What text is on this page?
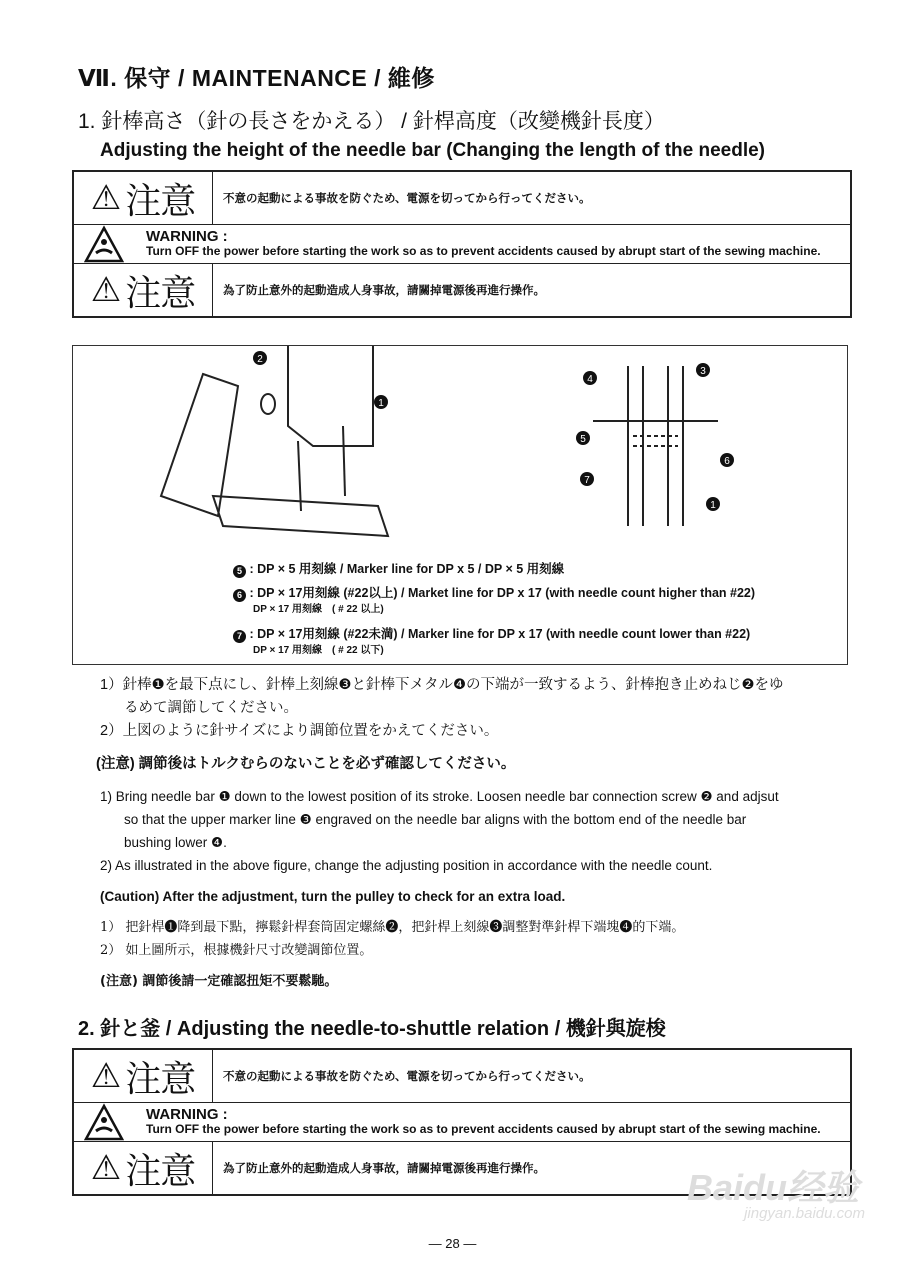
Ⅶ. 保守 / MAINTENANCE / 維修
1. 針棒高さ（針の長さをかえる） / 針桿高度（改變機針長度）
Adjusting the height of the needle bar (Changing the length of the needle)
⚠ 注意	不意の起動による事故を防ぐため、電源を切ってから行ってください。
WARNING :
Turn OFF the power before starting the work so as to prevent accidents caused by abrupt start of the sewing machine.
⚠ 注意	為了防止意外的起動造成人身事故，請關掉電源後再進行操作。
2
1
4
3
5
6
7
1
5 : DP × 5 用刻線 / Marker line for DP x 5 / DP × 5 用刻線
6 : DP × 17用刻線 (#22以上) / Market line for DP x 17 (with needle count higher than #22)
DP × 17 用刻線　( # 22 以上)
7 : DP × 17用刻線 (#22未満) / Marker line for DP x 17 (with needle count lower than #22)
DP × 17 用刻線　( # 22 以下)
1）針棒❶を最下点にし、針棒上刻線❸と針棒下メタル❹の下端が一致するよう、針棒抱き止めねじ❷をゆ
るめて調節してください。
2）上図のように針サイズにより調節位置をかえてください。
(注意) 調節後はトルクむらのないことを必ず確認してください。
1) Bring needle bar ❶ down to the lowest position of its stroke. Loosen needle bar connection screw ❷ and adjsut
so that the upper marker line ❸ engraved on the needle bar aligns with the bottom end of the needle bar
bushing lower ❹.
2) As illustrated in the above figure, change the adjusting position in accordance with the needle count.
(Caution) After the adjustment, turn the pulley to check for an extra load.
1） 把針桿❶降到最下點，擰鬆針桿套筒固定螺絲❷，把針桿上刻線❸調整對準針桿下端塊❹的下端。
2） 如上圖所示，根據機針尺寸改變調節位置。
(注意) 調節後請一定確認扭矩不要鬆馳。
2. 針と釜 / Adjusting the needle-to-shuttle relation / 機針與旋梭
⚠ 注意	不意の起動による事故を防ぐため、電源を切ってから行ってください。
WARNING :
Turn OFF the power before starting the work so as to prevent accidents caused by abrupt start of the sewing machine.
⚠ 注意	為了防止意外的起動造成人身事故，請關掉電源後再進行操作。	Baidu经验
jingyan.baidu.com
— 28 —
